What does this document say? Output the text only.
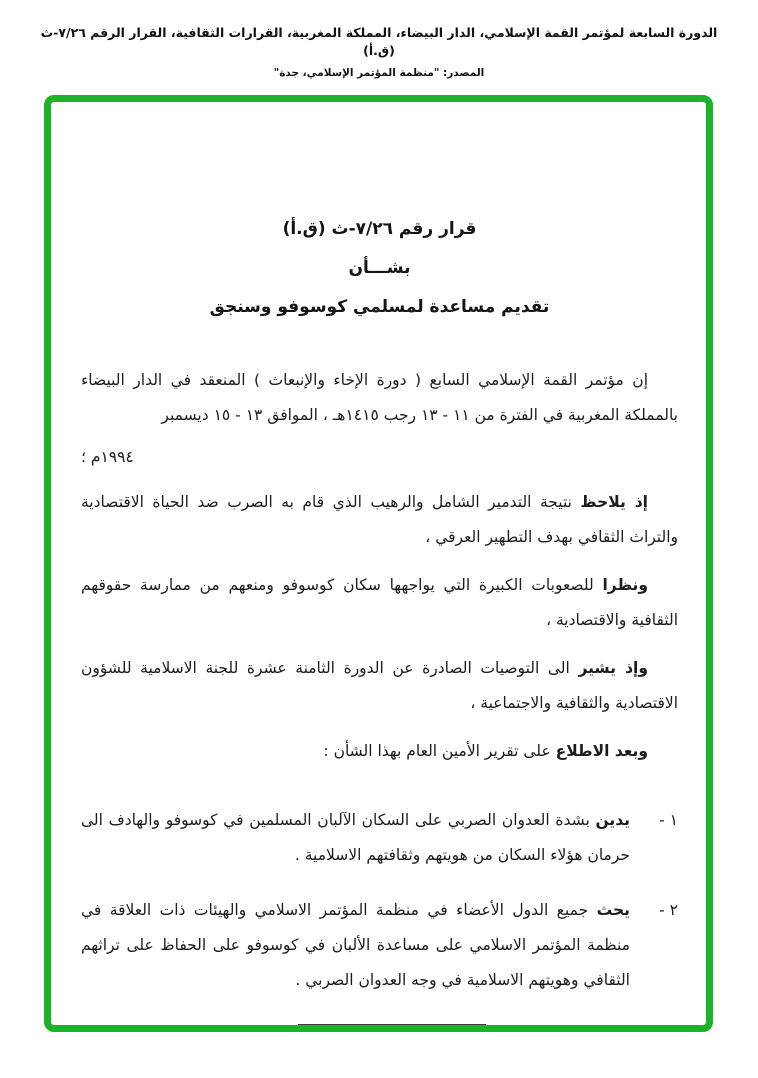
الدورة السابعة لمؤتمر القمة الإسلامي، الدار البيضاء، المملكة المغربية، القرارات الثقافية، القرار الرقم ٧/٢٦-ث (ق.أ)
المصدر: "منظمة المؤتمر الإسلامي، جدة"
قرار رقم ٧/٢٦-ث (ق.أ)
بشـــأن
تقديم مساعدة لمسلمي كوسوفو وسنجق

إن مؤتمر القمة الإسلامي السابع ( دورة الإخاء والإنبعاث ) المنعقد في الدار البيضاء بالمملكة المغربية في الفترة من ١١ - ١٣ رجب ١٤١٥هـ ، الموافق ١٣ - ١٥ ديسمبر

١٩٩٤م ؛

إذ يلاحظ نتيجة التدمير الشامل والرهيب الذي قام به الصرب ضد الحياة الاقتصادية والتراث الثقافي بهدف التطهير العرقي ،

ونظرا للصعوبات الكبيرة التي يواجهها سكان كوسوفو ومنعهم من ممارسة حقوقهم الثقافية والاقتصادية ،

وإذ يشير الى التوصيات الصادرة عن الدورة الثامنة عشرة للجنة الاسلامية للشؤون الاقتصادية والثقافية والاجتماعية ،

وبعد الاطلاع على تقرير الأمين العام بهذا الشأن :

١ -
يدين بشدة العدوان الصربي على السكان الآلبان المسلمين في كوسوفو والهادف الى حرمان هؤلاء السكان من هويتهم وثقافتهم الاسلامية .
٢ -
يحث جميع الدول الأعضاء في منظمة المؤتمر الاسلامي والهيئات ذات العلاقة في منظمة المؤتمر الاسلامي على مساعدة الألبان في كوسوفو على الحفاظ على تراثهم الثقافي وهويتهم الاسلامية في وجه العدوان الصربي .
